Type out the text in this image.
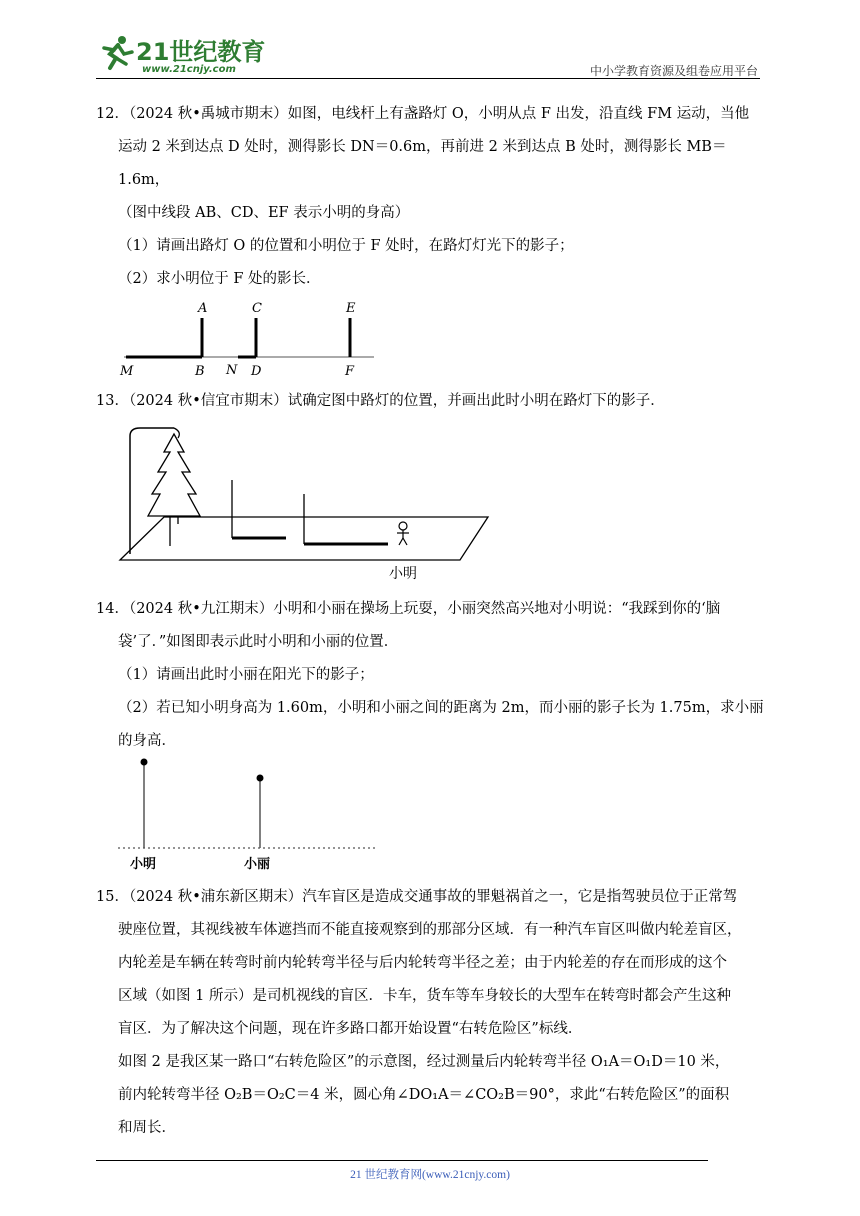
21世纪教育
www.21cnjy.com	中小学教育资源及组卷应用平台

12．（2024 秋•禹城市期末）如图，电线杆上有盏路灯 O，小明从点 F 出发，沿直线 FM 运动，当他

运动 2 米到达点 D 处时，测得影长 DN＝0.6m，再前进 2 米到达点 B 处时，测得影长 MB＝1.6m，

（图中线段 AB、CD、EF 表示小明的身高）

（1）请画出路灯 O 的位置和小明位于 F 处时，在路灯灯光下的影子；

（2）求小明位于 F 处的影长．

A	C	E
M	B N D	F

13．（2024 秋•信宜市期末）试确定图中路灯的位置，并画出此时小明在路灯下的影子．

小明

14．（2024 秋•九江期末）小明和小丽在操场上玩耍，小丽突然高兴地对小明说：“我踩到你的‘脑

袋’了．”如图即表示此时小明和小丽的位置．

（1）请画出此时小丽在阳光下的影子；

（2）若已知小明身高为 1.60m，小明和小丽之间的距离为 2m，而小丽的影子长为 1.75m，求小丽

的身高．

小明	小丽

15．（2024 秋•浦东新区期末）汽车盲区是造成交通事故的罪魁祸首之一，它是指驾驶员位于正常驾

驶座位置，其视线被车体遮挡而不能直接观察到的那部分区域．有一种汽车盲区叫做内轮差盲区，

内轮差是车辆在转弯时前内轮转弯半径与后内轮转弯半径之差；由于内轮差的存在而形成的这个

区域（如图 1 所示）是司机视线的盲区．卡车，货车等车身较长的大型车在转弯时都会产生这种

盲区．为了解决这个问题，现在许多路口都开始设置“右转危险区”标线．

如图 2 是我区某一路口“右转危险区”的示意图，经过测量后内轮转弯半径 O₁A＝O₁D＝10 米，

前内轮转弯半径 O₂B＝O₂C＝4 米，圆心角∠DO₁A＝∠CO₂B＝90°，求此“右转危险区”的面积

和周长．

21 世纪教育网(www.21cnjy.com)
